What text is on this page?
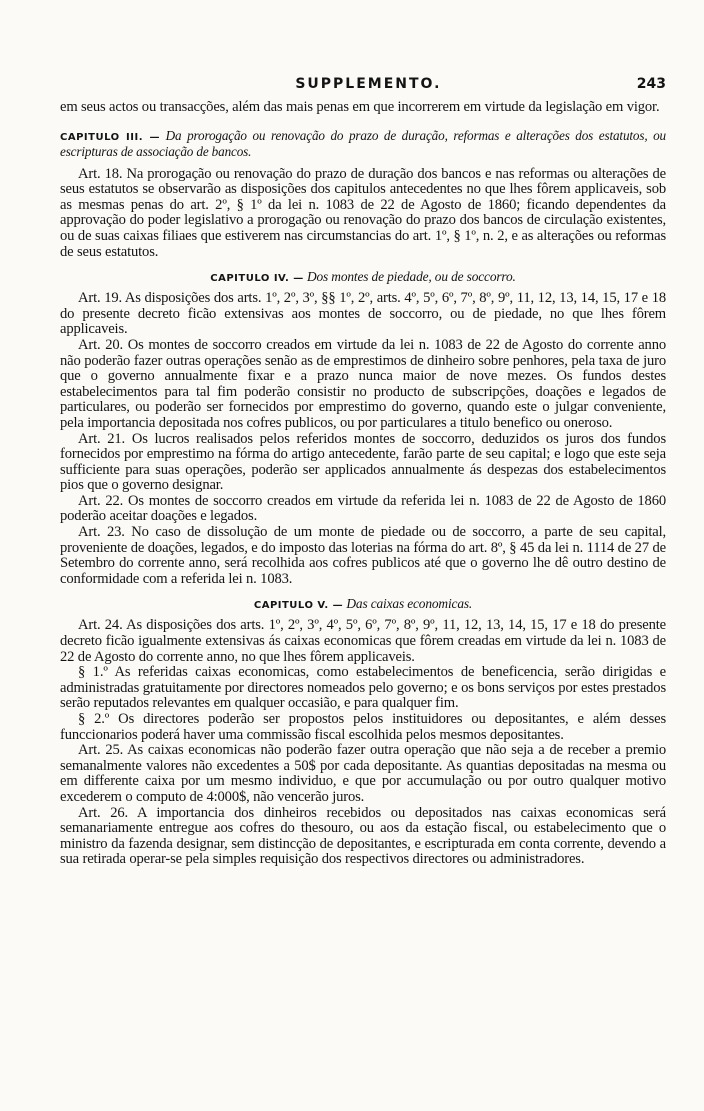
SUPPLEMENTO.	243

em seus actos ou transacções, além das mais penas em que incorrerem em virtude da legislação em vigor.

CAPITULO III. — Da prorogação ou renovação do prazo de duração, reformas e alterações dos estatutos, ou escripturas de associação de bancos.

Art. 18. Na prorogação ou renovação do prazo de duração dos bancos e nas reformas ou alterações de seus estatutos se observarão as disposições dos capitulos antecedentes no que lhes fôrem applicaveis, sob as mesmas penas do art. 2º, § 1º da lei n. 1083 de 22 de Agosto de 1860; ficando dependentes da approvação do poder legislativo a prorogação ou renovação do prazo dos bancos de circulação existentes, ou de suas caixas filiaes que estiverem nas circumstancias do art. 1º, § 1º, n. 2, e as alterações ou reformas de seus estatutos.

CAPITULO IV. — Dos montes de piedade, ou de soccorro.

Art. 19. As disposições dos arts. 1º, 2º, 3º, §§ 1º, 2º, arts. 4º, 5º, 6º, 7º, 8º, 9º, 11, 12, 13, 14, 15, 17 e 18 do presente decreto ficão extensivas aos montes de soccorro, ou de piedade, no que lhes fôrem applicaveis.

Art. 20. Os montes de soccorro creados em virtude da lei n. 1083 de 22 de Agosto do corrente anno não poderão fazer outras operações senão as de emprestimos de dinheiro sobre penhores, pela taxa de juro que o governo annualmente fixar e a prazo nunca maior de nove mezes. Os fundos destes estabelecimentos para tal fim poderão consistir no producto de subscripções, doações e legados de particulares, ou poderão ser fornecidos por emprestimo do governo, quando este o julgar conveniente, pela importancia depositada nos cofres publicos, ou por particulares a titulo benefico ou oneroso.

Art. 21. Os lucros realisados pelos referidos montes de soccorro, deduzidos os juros dos fundos fornecidos por emprestimo na fórma do artigo antecedente, farão parte de seu capital; e logo que este seja sufficiente para suas operações, poderão ser applicados annualmente ás despezas dos estabelecimentos pios que o governo designar.

Art. 22. Os montes de soccorro creados em virtude da referida lei n. 1083 de 22 de Agosto de 1860 poderão aceitar doações e legados.

Art. 23. No caso de dissolução de um monte de piedade ou de soccorro, a parte de seu capital, proveniente de doações, legados, e do imposto das loterias na fórma do art. 8º, § 45 da lei n. 1114 de 27 de Setembro do corrente anno, será recolhida aos cofres publicos até que o governo lhe dê outro destino de conformidade com a referida lei n. 1083.

CAPITULO V. — Das caixas economicas.

Art. 24. As disposições dos arts. 1º, 2º, 3º, 4º, 5º, 6º, 7º, 8º, 9º, 11, 12, 13, 14, 15, 17 e 18 do presente decreto ficão igualmente extensivas ás caixas economicas que fôrem creadas em virtude da lei n. 1083 de 22 de Agosto do corrente anno, no que lhes fôrem applicaveis.

§ 1.º As referidas caixas economicas, como estabelecimentos de beneficencia, serão dirigidas e administradas gratuitamente por directores nomeados pelo governo; e os bons serviços por estes prestados serão reputados relevantes em qualquer occasião, e para qualquer fim.

§ 2.º Os directores poderão ser propostos pelos instituidores ou depositantes, e além desses funccionarios poderá haver uma commissão fiscal escolhida pelos mesmos depositantes.

Art. 25. As caixas economicas não poderão fazer outra operação que não seja a de receber a premio semanalmente valores não excedentes a 50$ por cada depositante. As quantias depositadas na mesma ou em differente caixa por um mesmo individuo, e que por accumulação ou por outro qualquer motivo excederem o computo de 4:000$, não vencerão juros.

Art. 26. A importancia dos dinheiros recebidos ou depositados nas caixas economicas será semanariamente entregue aos cofres do thesouro, ou aos da estação fiscal, ou estabelecimento que o ministro da fazenda designar, sem distincção de depositantes, e escripturada em conta corrente, devendo a sua retirada operar-se pela simples requisição dos respectivos directores ou administradores.
